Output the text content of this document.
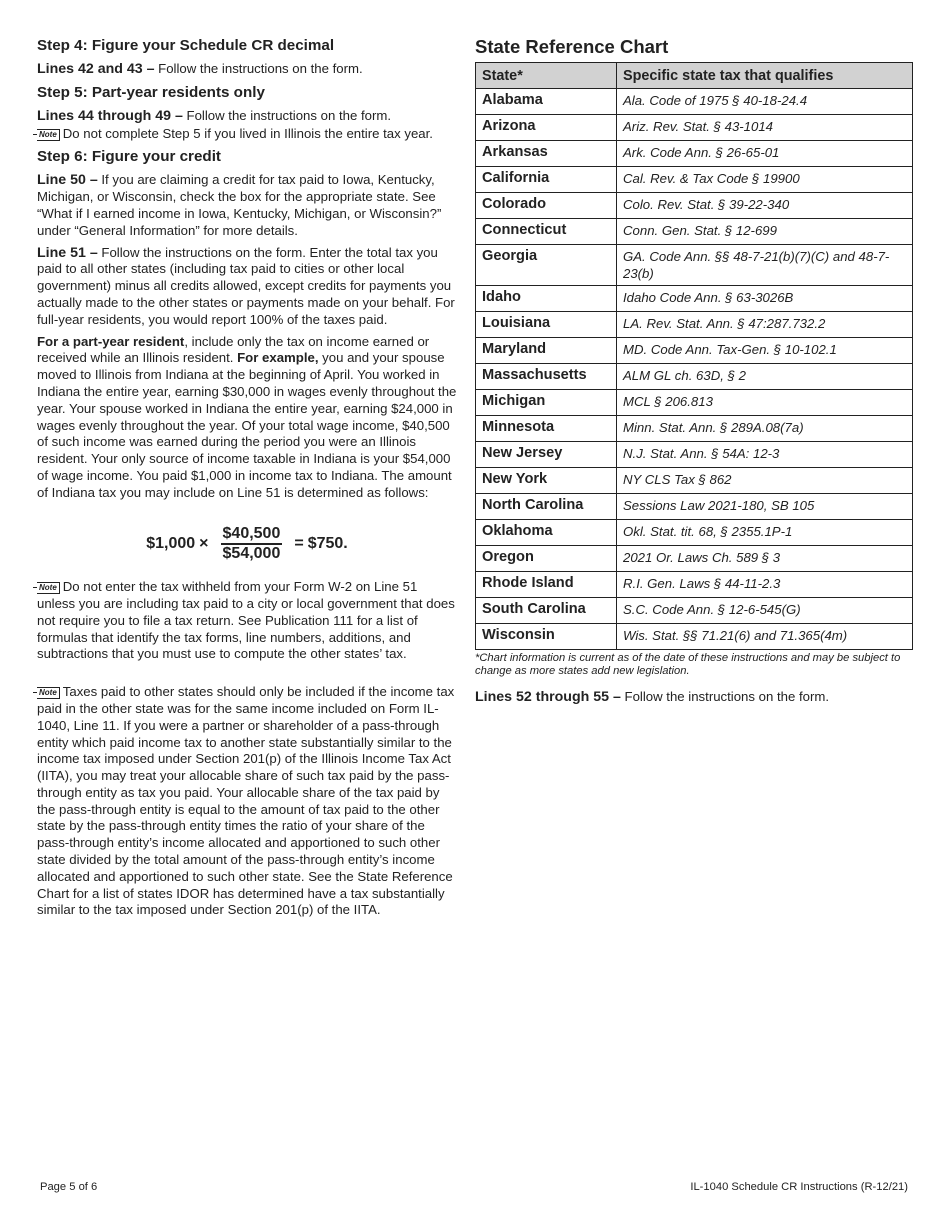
Step 4: Figure your Schedule CR decimal

Lines 42 and 43 – Follow the instructions on the form.

Step 5: Part-year residents only

Lines 44 through 49 – Follow the instructions on the form.

Note Do not complete Step 5 if you lived in Illinois the entire tax year.

Step 6: Figure your credit

Line 50 – If you are claiming a credit for tax paid to Iowa, Kentucky, Michigan, or Wisconsin, check the box for the appropriate state. See “What if I earned income in Iowa, Kentucky, Michigan, or Wisconsin?” under “General Information” for more details.

Line 51 – Follow the instructions on the form. Enter the total tax you paid to all other states (including tax paid to cities or other local government) minus all credits allowed, except credits for payments you actually made to the other states or payments made on your behalf. For full-year residents, you would report 100% of the taxes paid.

For a part-year resident, include only the tax on income earned or received while an Illinois resident. For example, you and your spouse moved to Illinois from Indiana at the beginning of April. You worked in Indiana the entire year, earning $30,000 in wages evenly throughout the year. Your spouse worked in Indiana the entire year, earning $24,000 in wages evenly throughout the year. Of your total wage income, $40,500 of such income was earned during the period you were an Illinois resident. Your only source of income taxable in Indiana is your $54,000 of wage income. You paid $1,000 in income tax to Indiana. The amount of Indiana tax you may include on Line 51 is determined as follows:

$1,000 × $\frac{\$40,500}{\$54,000}$ = $750.

Note Do not enter the tax withheld from your Form W-2 on Line 51 unless you are including tax paid to a city or local government that does not require you to file a tax return. See Publication 111 for a list of formulas that identify the tax forms, line numbers, additions, and subtractions that you must use to compute the other states’ tax.

Note Taxes paid to other states should only be included if the income tax paid in the other state was for the same income included on Form IL-1040, Line 11. If you were a partner or shareholder of a pass-through entity which paid income tax to another state substantially similar to the income tax imposed under Section 201(p) of the Illinois Income Tax Act (IITA), you may treat your allocable share of such tax paid by the pass-through entity as tax you paid. Your allocable share of the tax paid by the pass-through entity is equal to the amount of tax paid to the other state by the pass-through entity times the ratio of your share of the pass-through entity’s income allocated and apportioned to such other state divided by the total amount of the pass-through entity’s income allocated and apportioned to such other state. See the State Reference Chart for a list of states IDOR has determined have a tax substantially similar to the tax imposed under Section 201(p) of the IITA.

State Reference Chart
State*	Specific state tax that qualifies
Alabama	Ala. Code of 1975 § 40-18-24.4
Arizona	Ariz. Rev. Stat. § 43-1014
Arkansas	Ark. Code Ann. § 26-65-01
California	Cal. Rev. & Tax Code § 19900
Colorado	Colo. Rev. Stat. § 39-22-340
Connecticut	Conn. Gen. Stat. § 12-699
Georgia	GA. Code Ann. §§ 48-7-21(b)(7)(C) and 48-7-23(b)
Idaho	Idaho Code Ann. § 63-3026B
Louisiana	LA. Rev. Stat. Ann. § 47:287.732.2
Maryland	MD. Code Ann. Tax-Gen. § 10-102.1
Massachusetts	ALM GL ch. 63D, § 2
Michigan	MCL § 206.813
Minnesota	Minn. Stat. Ann. § 289A.08(7a)
New Jersey	N.J. Stat. Ann. § 54A: 12-3
New York	NY CLS Tax § 862
North Carolina	Sessions Law 2021-180, SB 105
Oklahoma	Okl. Stat. tit. 68, § 2355.1P-1
Oregon	2021 Or. Laws Ch. 589 § 3
Rhode Island	R.I. Gen. Laws § 44-11-2.3
South Carolina	S.C. Code Ann. § 12-6-545(G)
Wisconsin	Wis. Stat. §§ 71.21(6) and 71.365(4m)
*Chart information is current as of the date of these instructions and may be subject to change as more states add new legislation.

Lines 52 through 55 – Follow the instructions on the form.

Page 5 of 6	IL-1040 Schedule CR Instructions (R-12/21)
